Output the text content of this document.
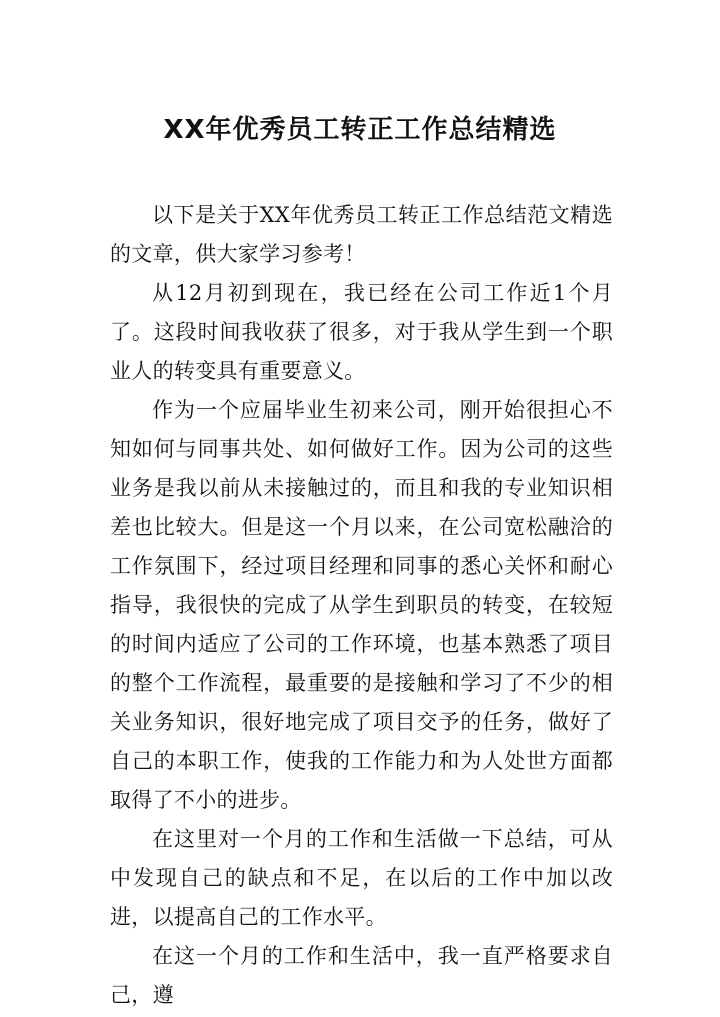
XX年优秀员工转正工作总结精选

以下是关于XX年优秀员工转正工作总结范文精选的文章，供大家学习参考！

从12月初到现在，我已经在公司工作近1个月了。这段时间我收获了很多，对于我从学生到一个职业人的转变具有重要意义。

作为一个应届毕业生初来公司，刚开始很担心不知如何与同事共处、如何做好工作。因为公司的这些业务是我以前从未接触过的，而且和我的专业知识相差也比较大。但是这一个月以来，在公司宽松融洽的工作氛围下，经过项目经理和同事的悉心关怀和耐心指导，我很快的完成了从学生到职员的转变，在较短的时间内适应了公司的工作环境，也基本熟悉了项目的整个工作流程，最重要的是接触和学习了不少的相关业务知识，很好地完成了项目交予的任务，做好了自己的本职工作，使我的工作能力和为人处世方面都取得了不小的进步。

在这里对一个月的工作和生活做一下总结，可从中发现自己的缺点和不足，在以后的工作中加以改进，以提高自己的工作水平。

在这一个月的工作和生活中，我一直严格要求自己，遵
